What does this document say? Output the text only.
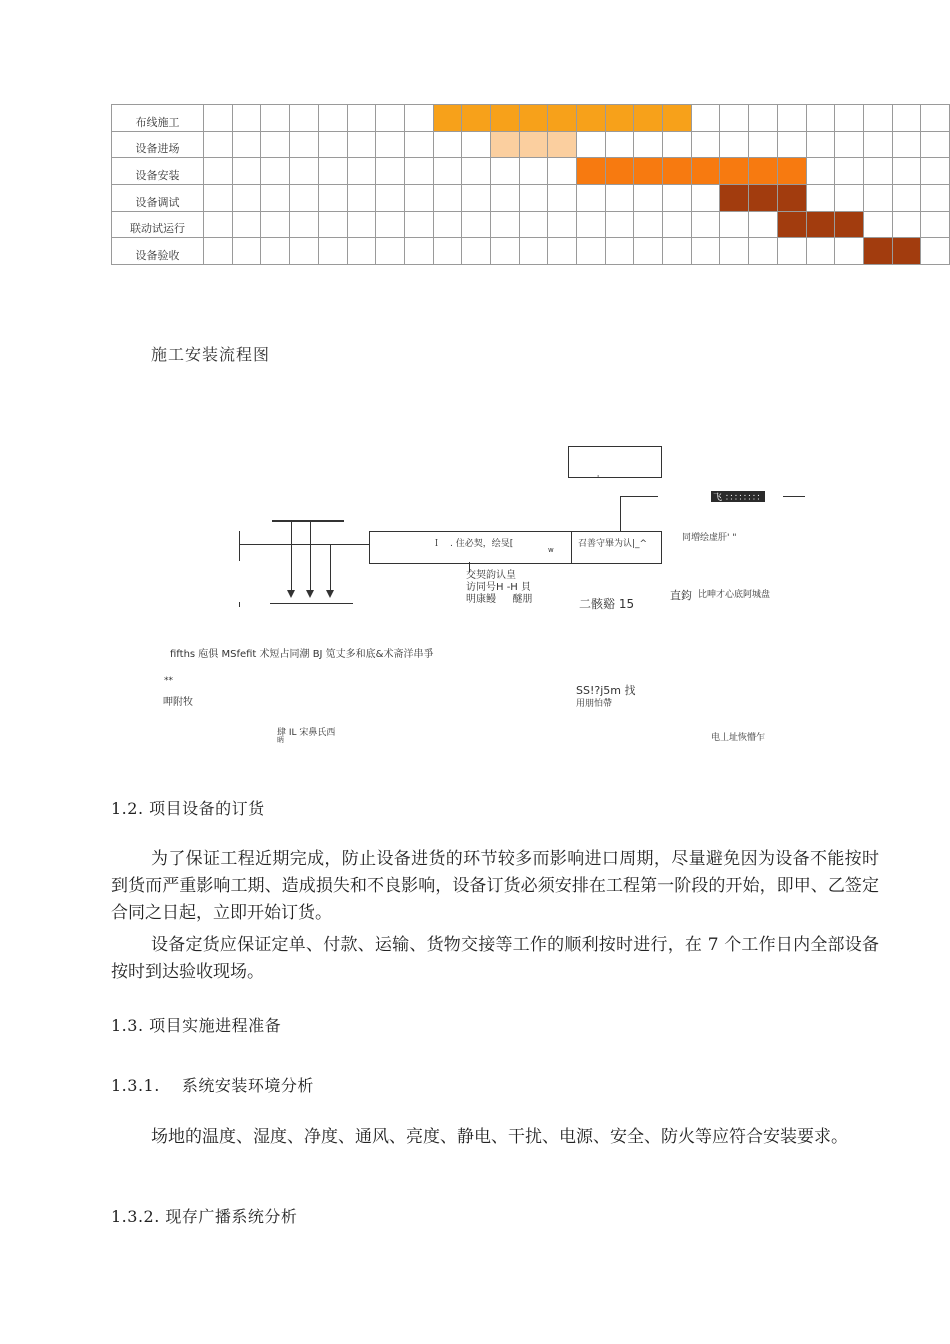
布线施工																										
设备进场																										
设备安装																										
设备调试																										
联动试运行																										
设备验收																										
施工安装流程图
'
飞 ：：：：：：：： ：：
同増绘虚肝' "
Ｉ　. 住必契，绘旻[
w
召善守畢为认|_^
交契韵认皇
访同号H -H 貝
明康鳗 　 醚朋	二骸谿 15
直鈞 比呻才心底阿城盘
fifths 庖俱 MSfefit 术短占同潮 BJ 笕丈多和底&术斋洋串爭
**
呷附牧
SS!?j5m 找
用朋怕帶
肆 IL 宋鼻氏西
昞	电丄址恢懵乍
1.2. 项目设备的订货
为了保证工程近期完成，防止设备进货的环节较多而影响进口周期，尽量避免因为设备不能按时到货而严重影响工期、造成损失和不良影响，设备订货必须安排在工程第一阶段的开始，即甲、乙签定合同之日起，立即开始订货。
设备定货应保证定单、付款、运输、货物交接等工作的顺利按时进行，在 7 个工作日内全部设备按时到达验收现场。
1.3. 项目实施进程准备
1.3.1.　 系统安装环境分析
场地的温度、湿度、净度、通风、亮度、静电、干扰、电源、安全、防火等应符合安装要求。
1.3.2. 现存广播系统分析
